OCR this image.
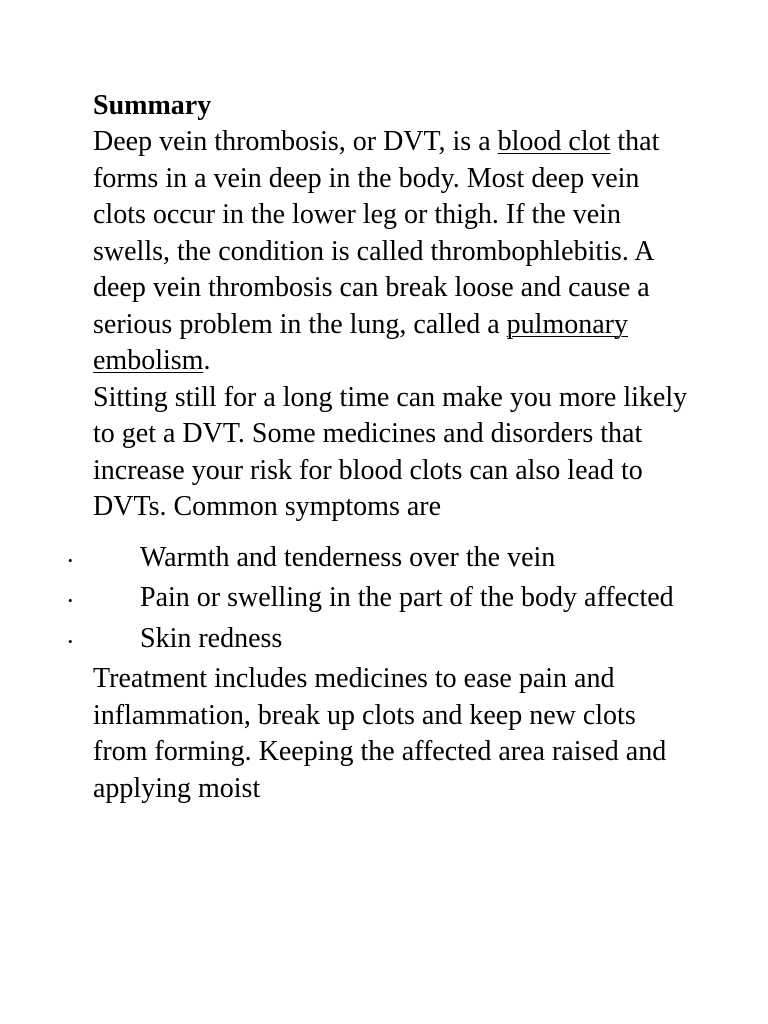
Summary

Deep vein thrombosis, or DVT, is a blood clot that forms in a vein deep in the body. Most deep vein clots occur in the lower leg or thigh. If the vein swells, the condition is called thrombophlebitis. A deep vein thrombosis can break loose and cause a serious problem in the lung, called a pulmonary embolism.

Sitting still for a long time can make you more likely to get a DVT. Some medicines and disorders that increase your risk for blood clots can also lead to DVTs. Common symptoms are

•	Warmth and tenderness over the vein
•	Pain or swelling in the part of the body affected
•	Skin redness

Treatment includes medicines to ease pain and inflammation, break up clots and keep new clots from forming. Keeping the affected area raised and applying moist
